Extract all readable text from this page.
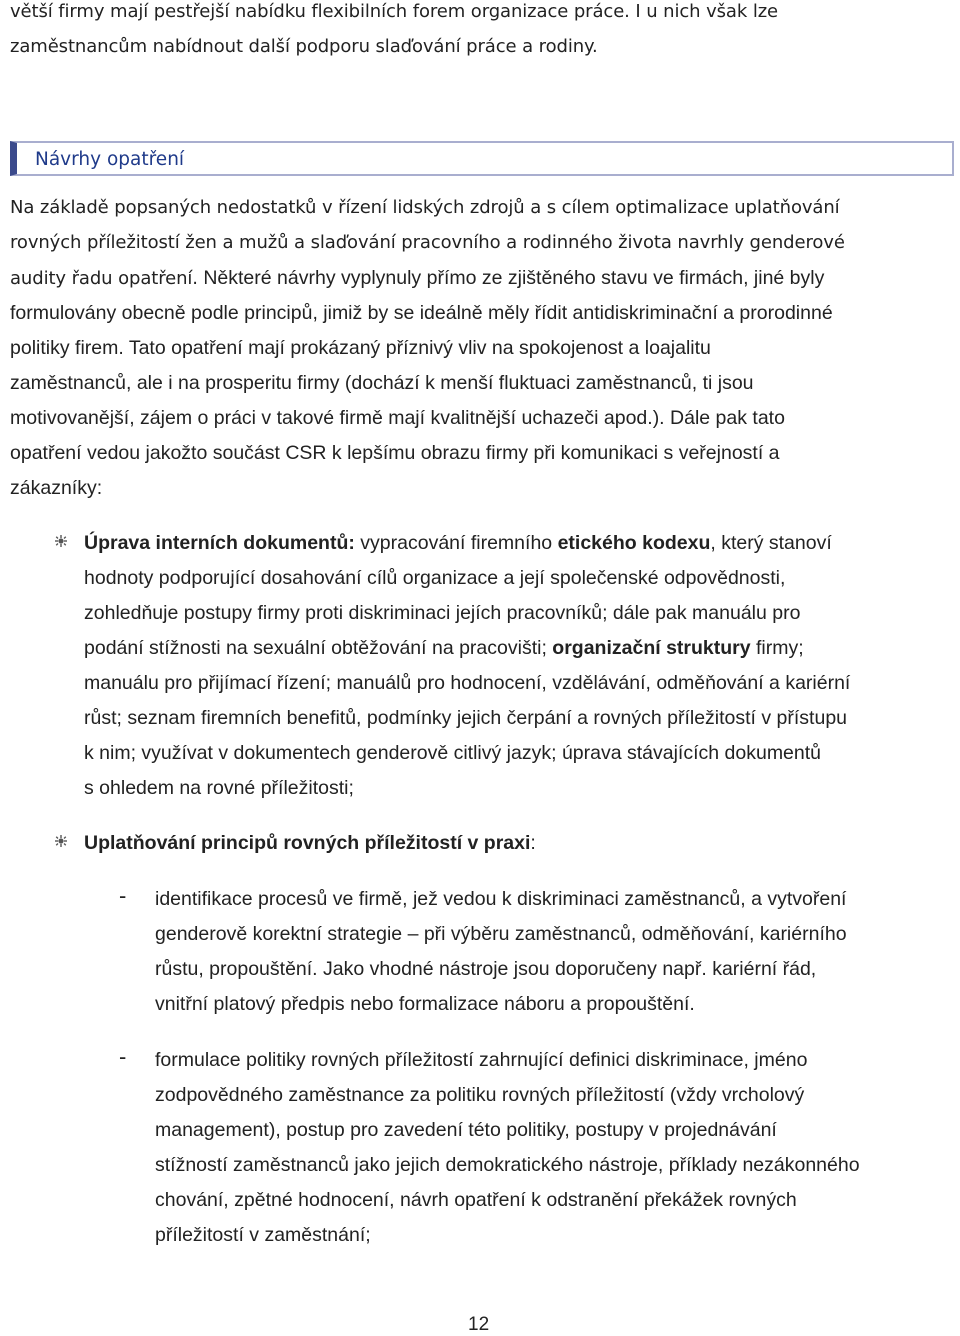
větší firmy mají pestřejší nabídku flexibilních forem organizace práce. I u nich však lze
zaměstnancům nabídnout další podporu slaďování práce a rodiny.
Návrhy opatření
Na základě popsaných nedostatků v řízení lidských zdrojů a s cílem optimalizace uplatňování
rovných příležitostí žen a mužů a slaďování pracovního a rodinného života navrhly genderové
audity řadu opatření. Některé návrhy vyplynuly přímo ze zjištěného stavu ve firmách, jiné byly
formulovány obecně podle principů, jimiž by se ideálně měly řídit antidiskriminační a prorodinné
politiky firem. Tato opatření mají prokázaný příznivý vliv na spokojenost a loajalitu
zaměstnanců, ale i na prosperitu firmy (dochází k menší fluktuaci zaměstnanců, ti jsou
motivovanější, zájem o práci v takové firmě mají kvalitnější uchazeči apod.). Dále pak tato
opatření vedou jakožto součást CSR k lepšímu obrazu firmy při komunikaci s veřejností a
zákazníky:
Úprava interních dokumentů: vypracování firemního etického kodexu, který stanoví
hodnoty podporující dosahování cílů organizace a její společenské odpovědnosti,
zohledňuje postupy firmy proti diskriminaci jejích pracovníků; dále pak manuálu pro
podání stížnosti na sexuální obtěžování na pracovišti; organizační struktury firmy;
manuálu pro přijímací řízení; manuálů pro hodnocení, vzdělávání, odměňování a kariérní
růst; seznam firemních benefitů, podmínky jejich čerpání a rovných příležitostí v přístupu
k nim; využívat v dokumentech genderově citlivý jazyk; úprava stávajících dokumentů
s ohledem na rovné příležitosti;
Uplatňování principů rovných příležitostí v praxi:
- identifikace procesů ve firmě, jež vedou k diskriminaci zaměstnanců, a vytvoření
genderově korektní strategie – při výběru zaměstnanců, odměňování, kariérního
růstu, propouštění. Jako vhodné nástroje jsou doporučeny např. kariérní řád,
vnitřní platový předpis nebo formalizace náboru a propouštění.
- formulace politiky rovných příležitostí zahrnující definici diskriminace, jméno
zodpovědného zaměstnance za politiku rovných příležitostí (vždy vrcholový
management), postup pro zavedení této politiky, postupy v projednávání
stížností zaměstnanců jako jejich demokratického nástroje, příklady nezákonného
chování, zpětné hodnocení, návrh opatření k odstranění překážek rovných
příležitostí v zaměstnání;
12
